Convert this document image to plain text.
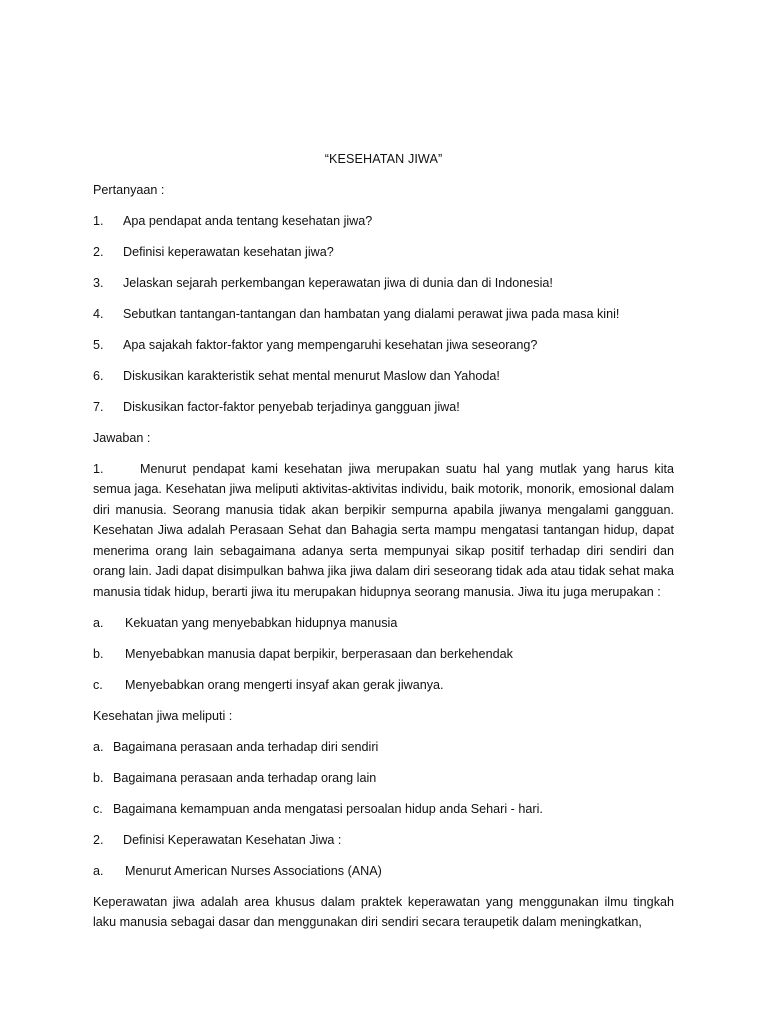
“KESEHATAN JIWA”
Pertanyaan :
1.	Apa pendapat anda tentang kesehatan jiwa?
2.	Definisi keperawatan kesehatan jiwa?
3.	Jelaskan sejarah perkembangan keperawatan jiwa di dunia dan di Indonesia!
4.	Sebutkan tantangan-tantangan dan hambatan yang dialami perawat jiwa pada masa kini!
5.	Apa sajakah faktor-faktor yang mempengaruhi kesehatan jiwa seseorang?
6.	Diskusikan karakteristik sehat mental menurut Maslow dan Yahoda!
7.	Diskusikan factor-faktor penyebab terjadinya gangguan jiwa!
Jawaban :
1.	Menurut pendapat kami kesehatan jiwa merupakan suatu hal yang mutlak yang harus kita semua jaga. Kesehatan jiwa meliputi aktivitas-aktivitas individu, baik motorik, monorik, emosional dalam diri manusia. Seorang manusia tidak akan berpikir sempurna apabila jiwanya mengalami gangguan. Kesehatan Jiwa adalah Perasaan Sehat dan Bahagia serta mampu mengatasi tantangan hidup, dapat menerima orang lain sebagaimana adanya serta mempunyai sikap positif terhadap diri sendiri dan orang lain. Jadi dapat disimpulkan bahwa jika jiwa dalam diri seseorang tidak ada atau tidak sehat maka manusia tidak hidup, berarti jiwa itu merupakan hidupnya seorang manusia. Jiwa itu juga merupakan :
a.	Kekuatan yang menyebabkan hidupnya manusia
b.	Menyebabkan manusia dapat berpikir, berperasaan dan berkehendak
c.	Menyebabkan orang mengerti insyaf akan gerak jiwanya.
Kesehatan jiwa meliputi :
a. Bagaimana perasaan anda terhadap diri sendiri
b. Bagaimana perasaan anda terhadap orang lain
c. Bagaimana kemampuan anda mengatasi persoalan hidup anda Sehari - hari.
2.	Definisi Keperawatan Kesehatan Jiwa :
a.	Menurut American Nurses Associations (ANA)
Keperawatan jiwa adalah area khusus dalam praktek keperawatan yang menggunakan ilmu tingkah laku manusia sebagai dasar dan menggunakan diri sendiri secara teraupetik dalam meningkatkan,
